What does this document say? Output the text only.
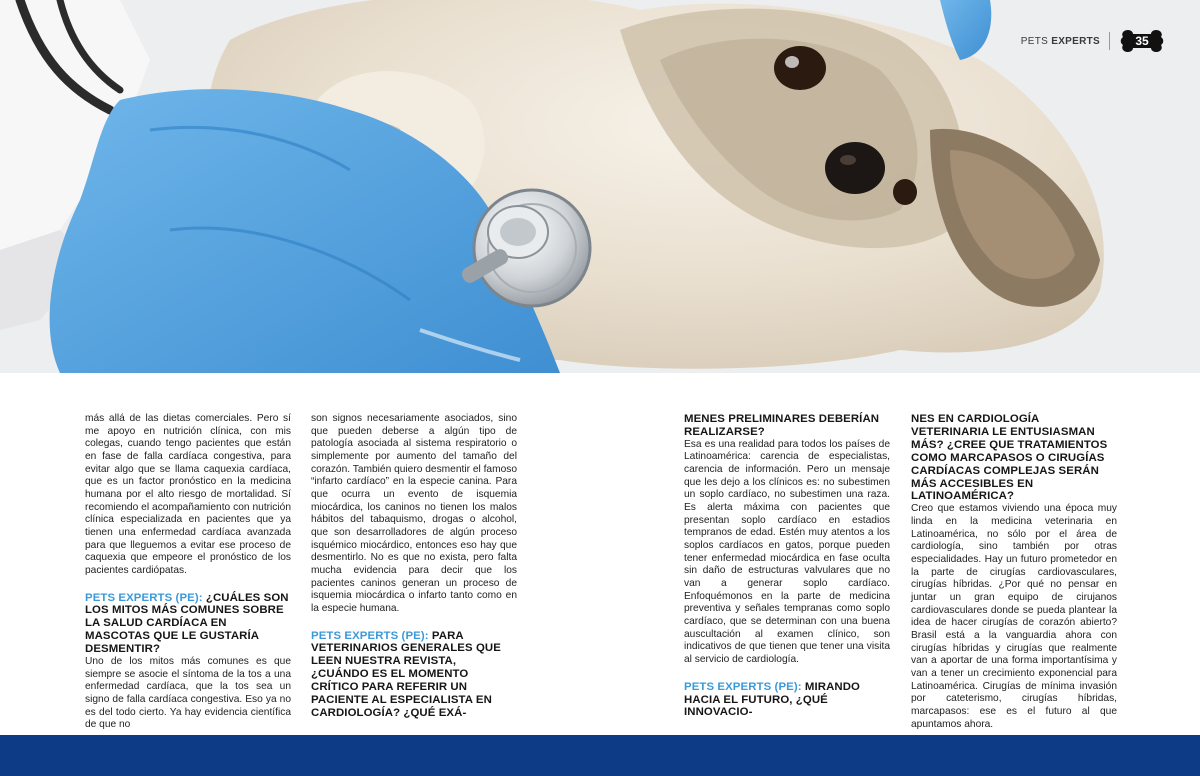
PETS EXPERTS	35

más allá de las dietas comerciales. Pero sí me apoyo en nutrición clínica, con mis colegas, cuando tengo pacientes que están en fase de falla cardíaca congestiva, para evitar algo que se llama caquexia cardíaca, que es un factor pronóstico en la medicina humana por el alto riesgo de mortalidad. Sí recomiendo el acompañamiento con nutrición clínica especializada en pacientes que ya tienen una enfermedad cardíaca avanzada para que lleguemos a evitar ese proceso de caquexia que empeore el pronóstico de los pacientes cardiópatas.

PETS EXPERTS (PE): ¿CUÁLES SON LOS MITOS MÁS COMUNES SOBRE LA SALUD CARDÍACA EN MASCOTAS QUE LE GUSTARÍA DESMENTIR?

Uno de los mitos más comunes es que siempre se asocie el síntoma de la tos a una enfermedad cardíaca, que la tos sea un signo de falla cardíaca congestiva. Eso ya no es del todo cierto. Ya hay evidencia científica de que no

son signos necesariamente asociados, sino que pueden deberse a algún tipo de patología asociada al sistema respiratorio o simplemente por aumento del tamaño del corazón. También quiero desmentir el famoso “infarto cardíaco” en la especie canina. Para que ocurra un evento de isquemia miocárdica, los caninos no tienen los malos hábitos del tabaquismo, drogas o alcohol, que son desarrolladores de algún proceso isquémico miocárdico, entonces eso hay que desmentirlo. No es que no exista, pero falta mucha evidencia para decir que los pacientes caninos generan un proceso de isquemia miocárdica o infarto tanto como en la especie humana.

PETS EXPERTS (PE): PARA VETERINARIOS GENERALES QUE LEEN NUESTRA REVISTA, ¿CUÁNDO ES EL MOMENTO CRÍTICO PARA REFERIR UN PACIENTE AL ESPECIALISTA EN CARDIOLOGÍA? ¿QUÉ EXÁ-

MENES PRELIMINARES DEBERÍAN REALIZARSE?

Esa es una realidad para todos los países de Latinoamérica: carencia de especialistas, carencia de información. Pero un mensaje que les dejo a los clínicos es: no subestimen un soplo cardíaco, no subestimen una raza. Es alerta máxima con pacientes que presentan soplo cardíaco en estadios tempranos de edad. Estén muy atentos a los soplos cardíacos en gatos, porque pueden tener enfermedad miocárdica en fase oculta sin daño de estructuras valvulares que no van a generar soplo cardíaco. Enfoquémonos en la parte de medicina preventiva y señales tempranas como soplo cardíaco, que se determinan con una buena auscultación al examen clínico, son indicativos de que tienen que tener una visita al servicio de cardiología.

PETS EXPERTS (PE): MIRANDO HACIA EL FUTURO, ¿QUÉ INNOVACIO-

NES EN CARDIOLOGÍA VETERINARIA LE ENTUSIASMAN MÁS? ¿CREE QUE TRATAMIENTOS COMO MARCAPASOS O CIRUGÍAS CARDÍACAS COMPLEJAS SERÁN MÁS ACCESIBLES EN LATINOAMÉRICA?

Creo que estamos viviendo una época muy linda en la medicina veterinaria en Latinoamérica, no sólo por el área de cardiología, sino también por otras especialidades. Hay un futuro prometedor en la parte de cirugías cardiovasculares, cirugías híbridas. ¿Por qué no pensar en juntar un gran equipo de cirujanos cardiovasculares donde se pueda plantear la idea de hacer cirugías de corazón abierto? Brasil está a la vanguardia ahora con cirugías híbridas y cirugías que realmente van a aportar de una forma importantísima y van a tener un crecimiento exponencial para Latinoamérica. Cirugías de mínima invasión por cateterismo, cirugías híbridas, marcapasos: ese es el futuro al que apuntamos ahora.
